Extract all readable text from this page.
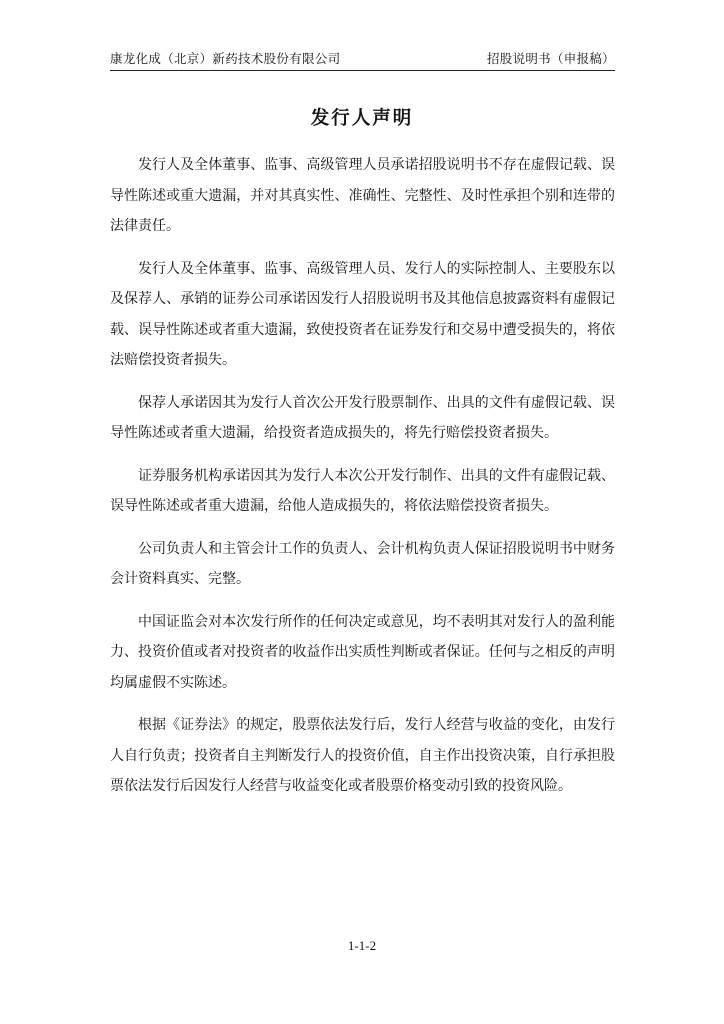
康龙化成（北京）新药技术股份有限公司	招股说明书（申报稿）
发行人声明

发行人及全体董事、监事、高级管理人员承诺招股说明书不存在虚假记载、误导性陈述或重大遗漏，并对其真实性、准确性、完整性、及时性承担个别和连带的法律责任。

发行人及全体董事、监事、高级管理人员、发行人的实际控制人、主要股东以及保荐人、承销的证券公司承诺因发行人招股说明书及其他信息披露资料有虚假记载、误导性陈述或者重大遗漏，致使投资者在证券发行和交易中遭受损失的，将依法赔偿投资者损失。

保荐人承诺因其为发行人首次公开发行股票制作、出具的文件有虚假记载、误导性陈述或者重大遗漏，给投资者造成损失的，将先行赔偿投资者损失。

证券服务机构承诺因其为发行人本次公开发行制作、出具的文件有虚假记载、误导性陈述或者重大遗漏，给他人造成损失的，将依法赔偿投资者损失。

公司负责人和主管会计工作的负责人、会计机构负责人保证招股说明书中财务会计资料真实、完整。

中国证监会对本次发行所作的任何决定或意见，均不表明其对发行人的盈利能力、投资价值或者对投资者的收益作出实质性判断或者保证。任何与之相反的声明均属虚假不实陈述。

根据《证券法》的规定，股票依法发行后，发行人经营与收益的变化，由发行人自行负责；投资者自主判断发行人的投资价值，自主作出投资决策，自行承担股票依法发行后因发行人经营与收益变化或者股票价格变动引致的投资风险。

1-1-2
